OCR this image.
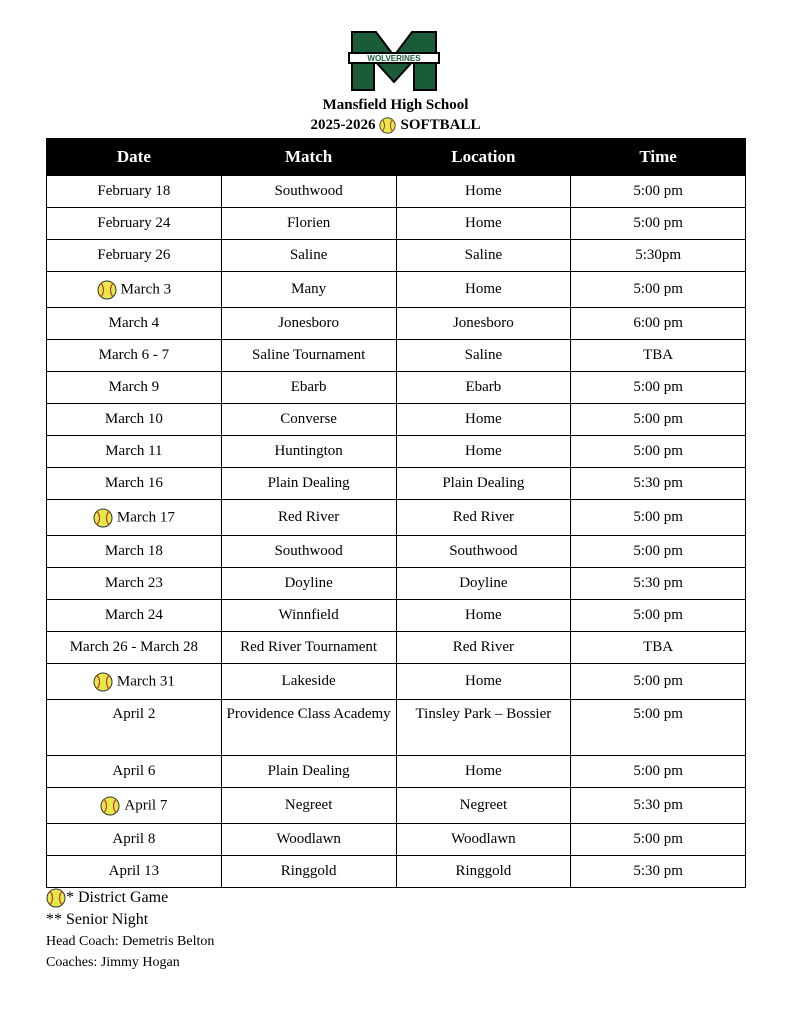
WOLVERINES
Mansfield High School
2025-2026 SOFTBALL
Date	Match	Location	Time
February 18	Southwood	Home	5:00 pm
February 24	Florien	Home	5:00 pm
February 26	Saline	Saline	5:30pm
March 3	Many	Home	5:00 pm
March 4	Jonesboro	Jonesboro	6:00 pm
March 6 - 7	Saline Tournament	Saline	TBA
March 9	Ebarb	Ebarb	5:00 pm
March 10	Converse	Home	5:00 pm
March 11	Huntington	Home	5:00 pm
March 16	Plain Dealing	Plain Dealing	5:30 pm
March 17	Red River	Red River	5:00 pm
March 18	Southwood	Southwood	5:00 pm
March 23	Doyline	Doyline	5:30 pm
March 24	Winnfield	Home	5:00 pm
March 26 - March 28	Red River Tournament	Red River	TBA
March 31	Lakeside	Home	5:00 pm
April 2	Providence Class Academy	Tinsley Park – Bossier	5:00 pm
April 6	Plain Dealing	Home	5:00 pm
April 7	Negreet	Negreet	5:30 pm
April 8	Woodlawn	Woodlawn	5:00 pm
April 13	Ringgold	Ringgold	5:30 pm
* District Game
** Senior Night
Head Coach: Demetris Belton
Coaches: Jimmy Hogan
